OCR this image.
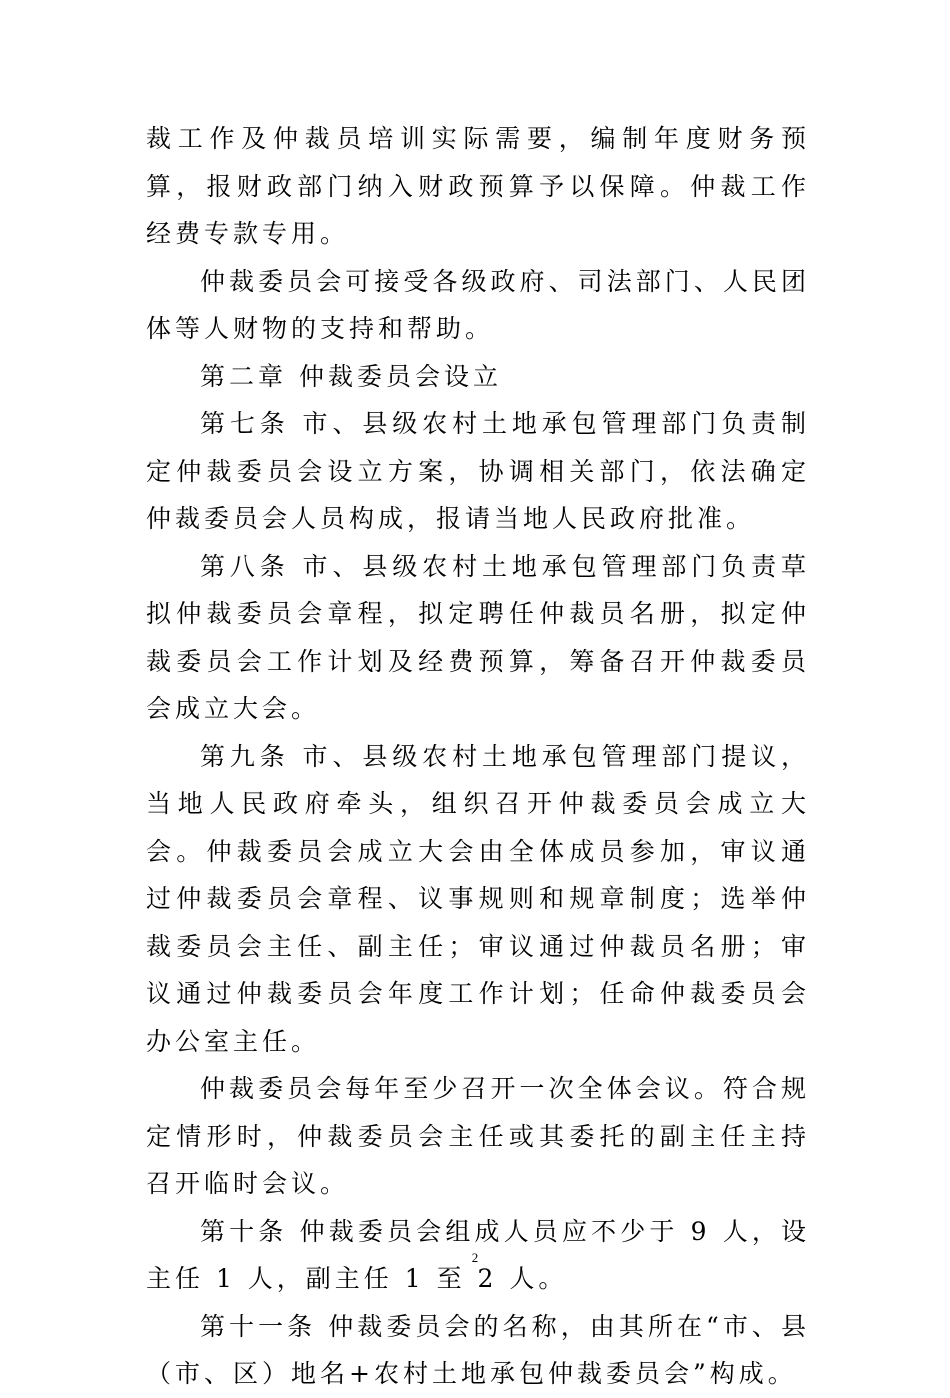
裁工作及仲裁员培训实际需要，编制年度财务预算，报财政部门纳入财政预算予以保障。仲裁工作经费专款专用。

仲裁委员会可接受各级政府、司法部门、人民团体等人财物的支持和帮助。

第二章 仲裁委员会设立

第七条 市、县级农村土地承包管理部门负责制定仲裁委员会设立方案，协调相关部门，依法确定仲裁委员会人员构成，报请当地人民政府批准。

第八条 市、县级农村土地承包管理部门负责草拟仲裁委员会章程，拟定聘任仲裁员名册，拟定仲裁委员会工作计划及经费预算，筹备召开仲裁委员会成立大会。

第九条 市、县级农村土地承包管理部门提议，当地人民政府牵头，组织召开仲裁委员会成立大会。仲裁委员会成立大会由全体成员参加，审议通过仲裁委员会章程、议事规则和规章制度；选举仲裁委员会主任、副主任；审议通过仲裁员名册；审议通过仲裁委员会年度工作计划；任命仲裁委员会办公室主任。

仲裁委员会每年至少召开一次全体会议。符合规定情形时，仲裁委员会主任或其委托的副主任主持召开临时会议。

第十条 仲裁委员会组成人员应不少于 9 人，设主任 1 人，副主任 1 至 2 人。

第十一条 仲裁委员会的名称，由其所在“市、县（市、区）地名+农村土地承包仲裁委员会”构成。

2
